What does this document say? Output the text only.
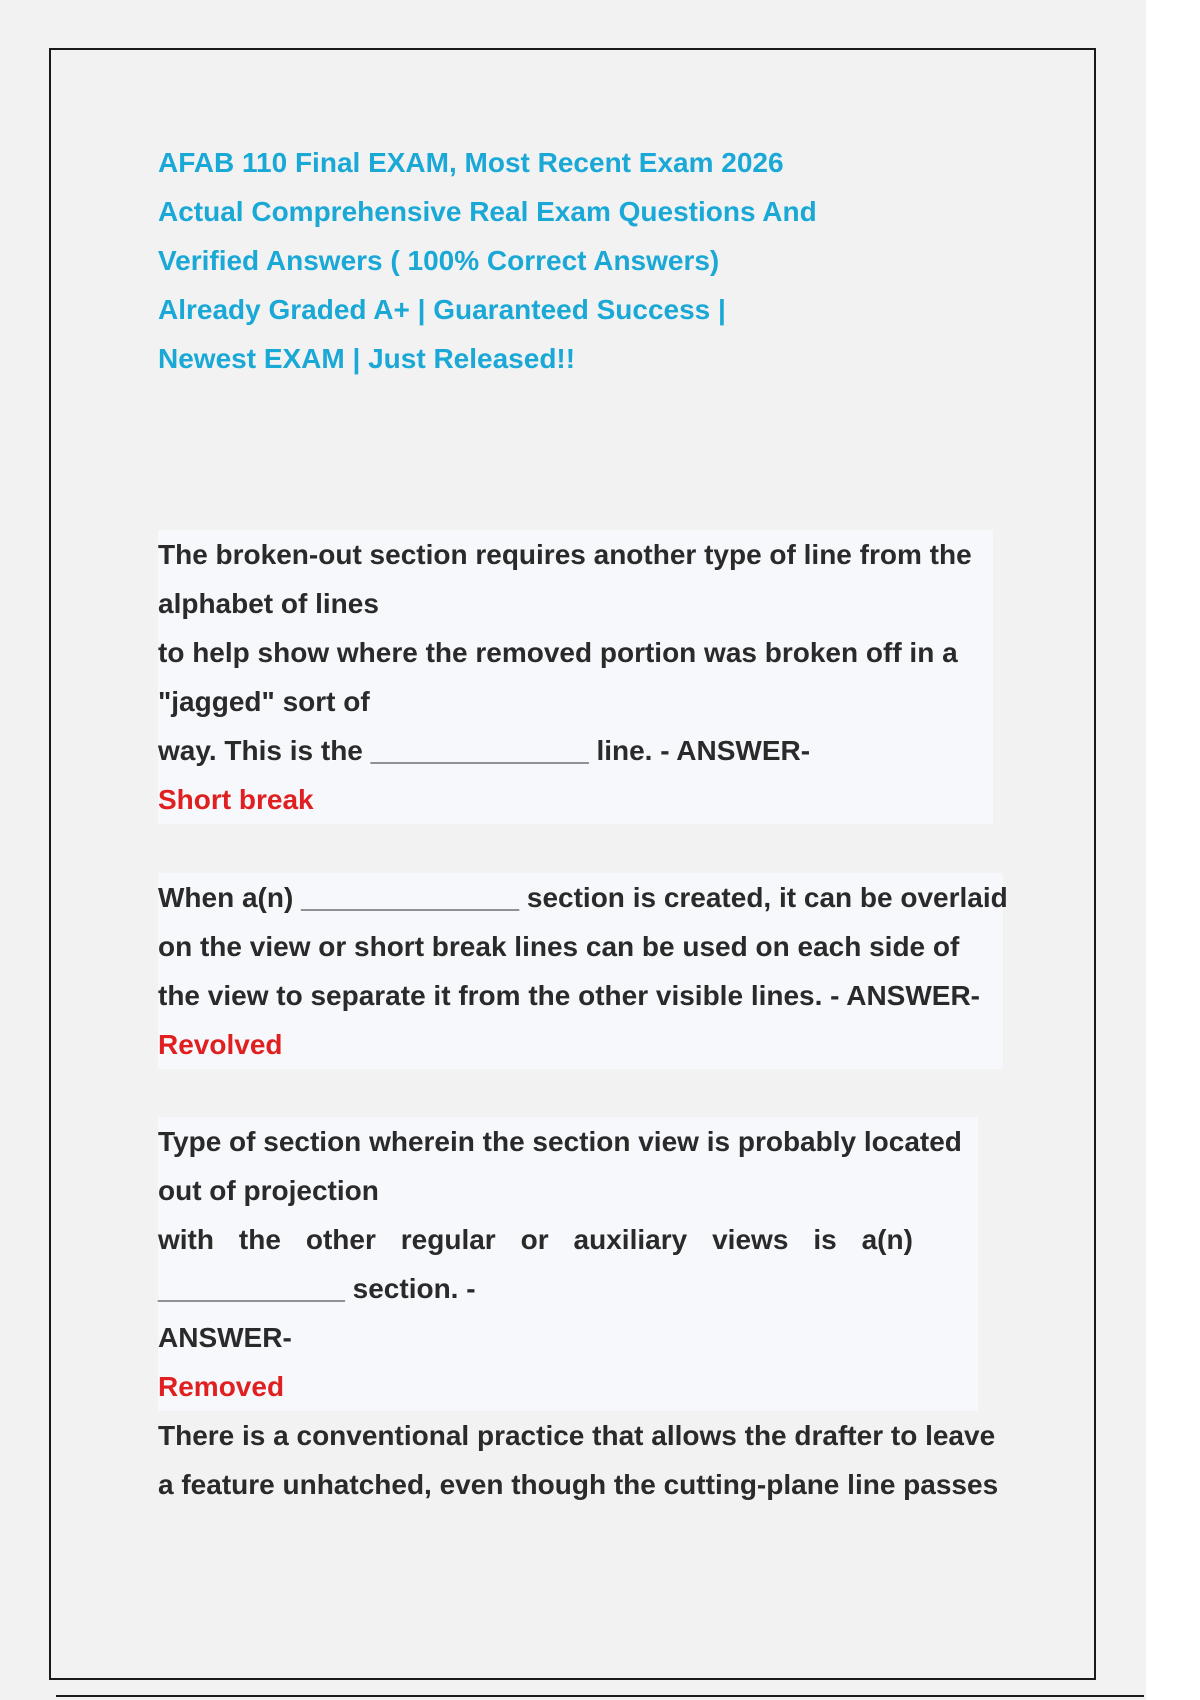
AFAB 110 Final EXAM, Most Recent Exam 2026
Actual Comprehensive Real Exam Questions And
Verified Answers ( 100% Correct Answers)
Already Graded A+ | Guaranteed Success |
Newest EXAM | Just Released!!
The broken-out section requires another type of line from the
alphabet of lines
to help show where the removed portion was broken off in a
"jagged" sort of
way. This is the ______________ line. - ANSWER-
Short break
When a(n) ______________ section is created, it can be overlaid
on the view or short break lines can be used on each side of
the view to separate it from the other visible lines. - ANSWER-
Revolved
Type of section wherein the section view is probably located
out of projection
with the other regular or auxiliary views is a(n)
____________ section. -
ANSWER-
Removed
There is a conventional practice that allows the drafter to leave
a feature unhatched, even though the cutting-plane line passes
